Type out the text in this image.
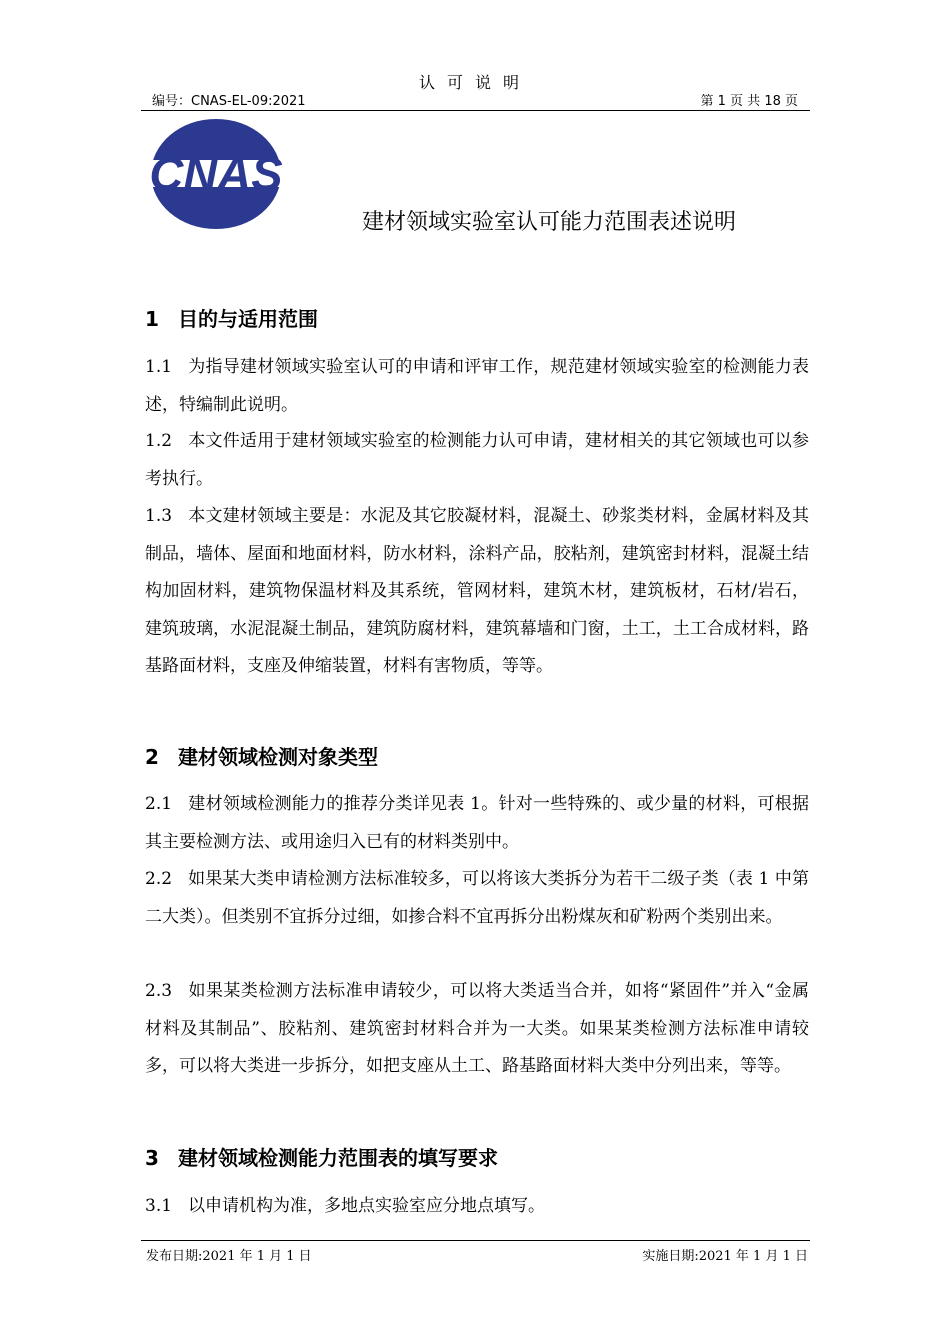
认可说明
编号：CNAS-EL-09:2021	第 1 页 共 18 页
CNAS
建材领域实验室认可能力范围表述说明
1 目的与适用范围
1.1 为指导建材领域实验室认可的申请和评审工作，规范建材领域实验室的检测能力表述，特编制此说明。
1.2 本文件适用于建材领域实验室的检测能力认可申请，建材相关的其它领域也可以参考执行。
1.3 本文建材领域主要是：水泥及其它胶凝材料，混凝土、砂浆类材料，金属材料及其制品，墙体、屋面和地面材料，防水材料，涂料产品，胶粘剂，建筑密封材料，混凝土结构加固材料，建筑物保温材料及其系统，管网材料，建筑木材，建筑板材，石材/岩石，建筑玻璃，水泥混凝土制品，建筑防腐材料，建筑幕墙和门窗，土工，土工合成材料，路基路面材料，支座及伸缩装置，材料有害物质，等等。
2 建材领域检测对象类型
2.1 建材领域检测能力的推荐分类详见表 1。针对一些特殊的、或少量的材料，可根据其主要检测方法、或用途归入已有的材料类别中。
2.2 如果某大类申请检测方法标准较多，可以将该大类拆分为若干二级子类（表 1 中第二大类）。但类别不宜拆分过细，如掺合料不宜再拆分出粉煤灰和矿粉两个类别出来。
2.3 如果某类检测方法标准申请较少，可以将大类适当合并，如将“紧固件”并入“金属材料及其制品”、胶粘剂、建筑密封材料合并为一大类。如果某类检测方法标准申请较多，可以将大类进一步拆分，如把支座从土工、路基路面材料大类中分列出来，等等。
3 建材领域检测能力范围表的填写要求
3.1 以申请机构为准，多地点实验室应分地点填写。
发布日期:2021 年 1 月 1 日	实施日期:2021 年 1 月 1 日
